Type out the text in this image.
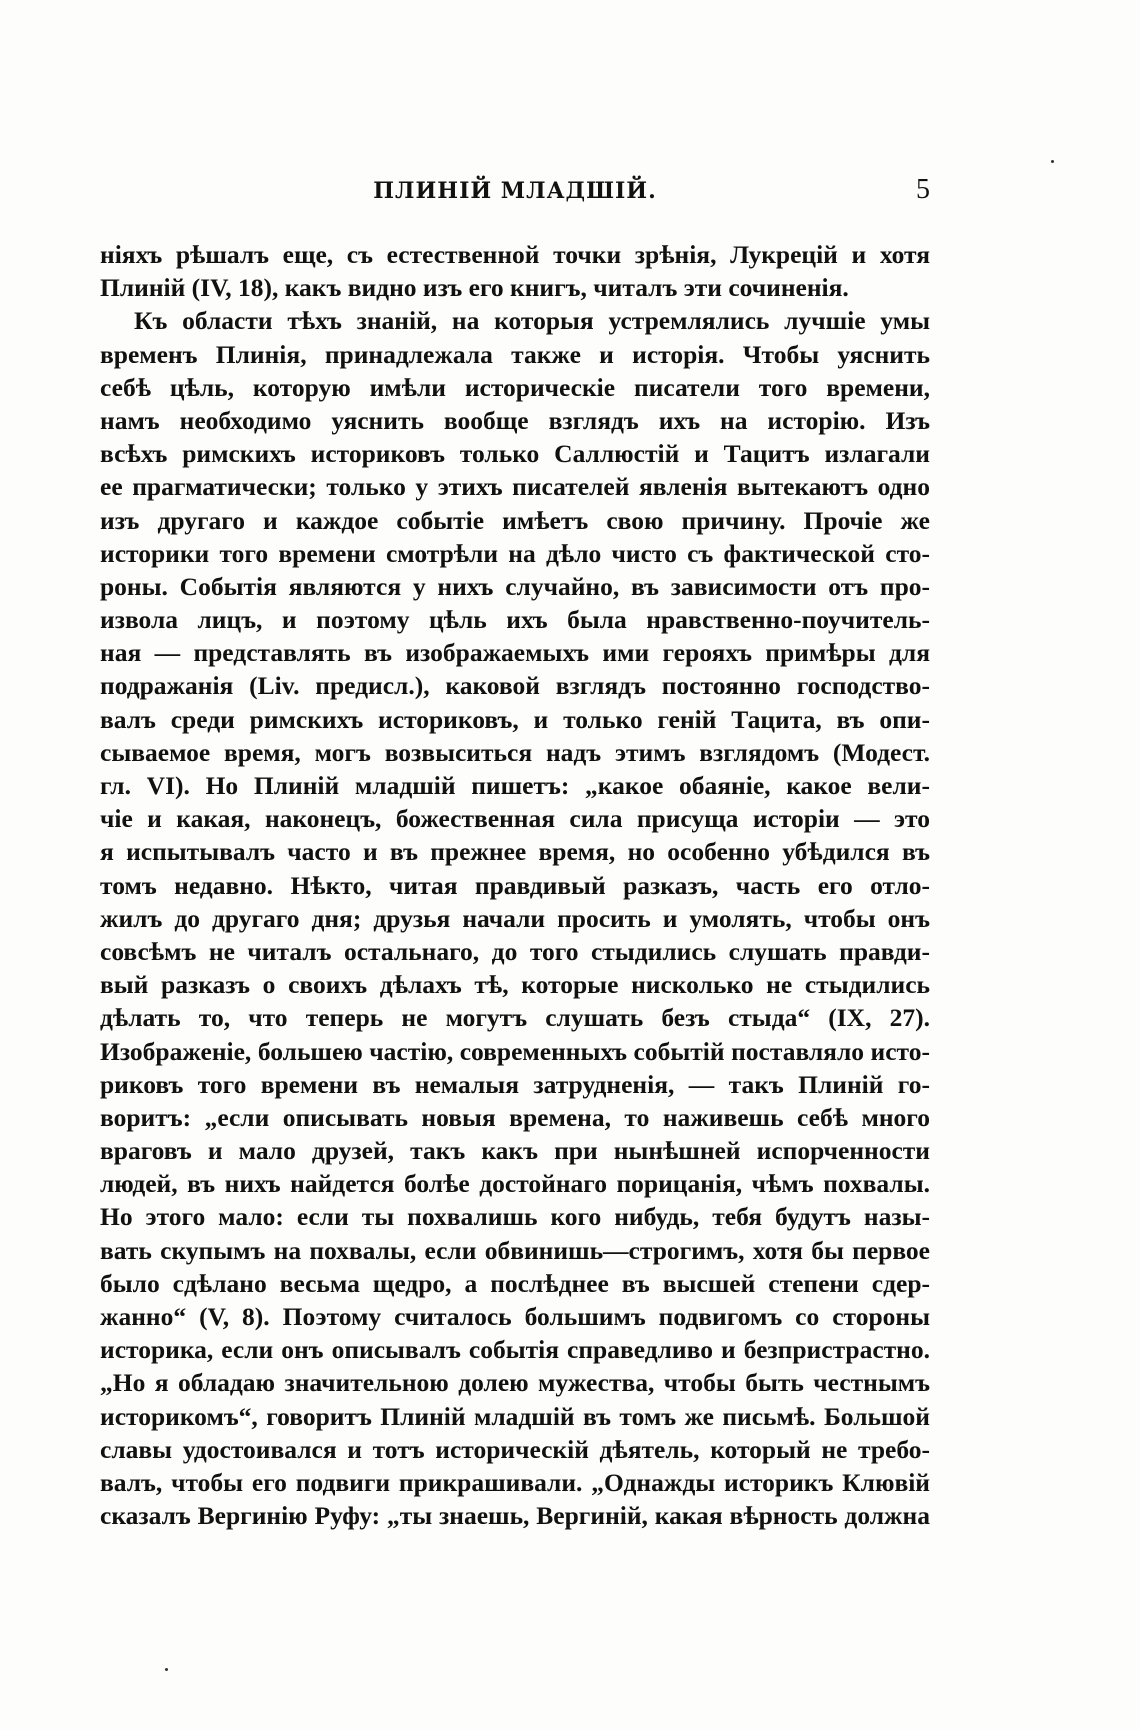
ПЛИНІЙ МЛАДШІЙ.	5
ніяхъ рѣшалъ еще, съ естественной точки зрѣнія, Лукрецій и хотя
Плиній (IV, 18), какъ видно изъ его книгъ, читалъ эти сочиненія.
Къ области тѣхъ знаній, на которыя устремлялись лучшіе умы
временъ Плинія, принадлежала также и исторія. Чтобы уяснить
себѣ цѣль, которую имѣли историческіе писатели того времени,
намъ необходимо уяснить вообще взглядъ ихъ на исторію. Изъ
всѣхъ римскихъ историковъ только Саллюстій и Тацитъ излагали
ее прагматически; только у этихъ писателей явленія вытекаютъ одно
изъ другаго и каждое событіе имѣетъ свою причину. Прочіе же
историки того времени смотрѣли на дѣло чисто съ фактической сто-
роны. Событія являются у нихъ случайно, въ зависимости отъ про-
извола лицъ, и поэтому цѣль ихъ была нравственно-поучитель-
ная — представлять въ изображаемыхъ ими герояхъ примѣры для
подражанія (Liv. предисл.), каковой взглядъ постоянно господство-
валъ среди римскихъ историковъ, и только геній Тацита, въ опи-
сываемое время, могъ возвыситься надъ этимъ взглядомъ (Модест.
гл. VI). Но Плиній младшій пишетъ: „какое обаяніе, какое вели-
чіе и какая, наконецъ, божественная сила присуща исторіи — это
я испытывалъ часто и въ прежнее время, но особенно убѣдился въ
томъ недавно. Нѣкто, читая правдивый разказъ, часть его отло-
жилъ до другаго дня; друзья начали просить и умолять, чтобы онъ
совсѣмъ не читалъ остальнаго, до того стыдились слушать правди-
вый разказъ о своихъ дѣлахъ тѣ, которые нисколько не стыдились
дѣлать то, что теперь не могутъ слушать безъ стыда“ (IX, 27).
Изображеніе, большею частію, современныхъ событій поставляло исто-
риковъ того времени въ немалыя затрудненія, — такъ Плиній го-
воритъ: „если описывать новыя времена, то наживешь себѣ много
враговъ и мало друзей, такъ какъ при нынѣшней испорченности
людей, въ нихъ найдется болѣе достойнаго порицанія, чѣмъ похвалы.
Но этого мало: если ты похвалишь кого нибудь, тебя будутъ назы-
вать скупымъ на похвалы, если обвинишь—строгимъ, хотя бы первое
было сдѣлано весьма щедро, а послѣднее въ высшей степени сдер-
жанно“ (V, 8). Поэтому считалось большимъ подвигомъ со стороны
историка, если онъ описывалъ событія справедливо и безпристрастно.
„Но я обладаю значительною долею мужества, чтобы быть честнымъ
историкомъ“, говоритъ Плиній младшій въ томъ же письмѣ. Большой
славы удостоивался и тотъ историческій дѣятель, который не требо-
валъ, чтобы его подвиги прикрашивали. „Однажды историкъ Клювій
сказалъ Вергинію Руфу: „ты знаешь, Вергиній, какая вѣрность должна
